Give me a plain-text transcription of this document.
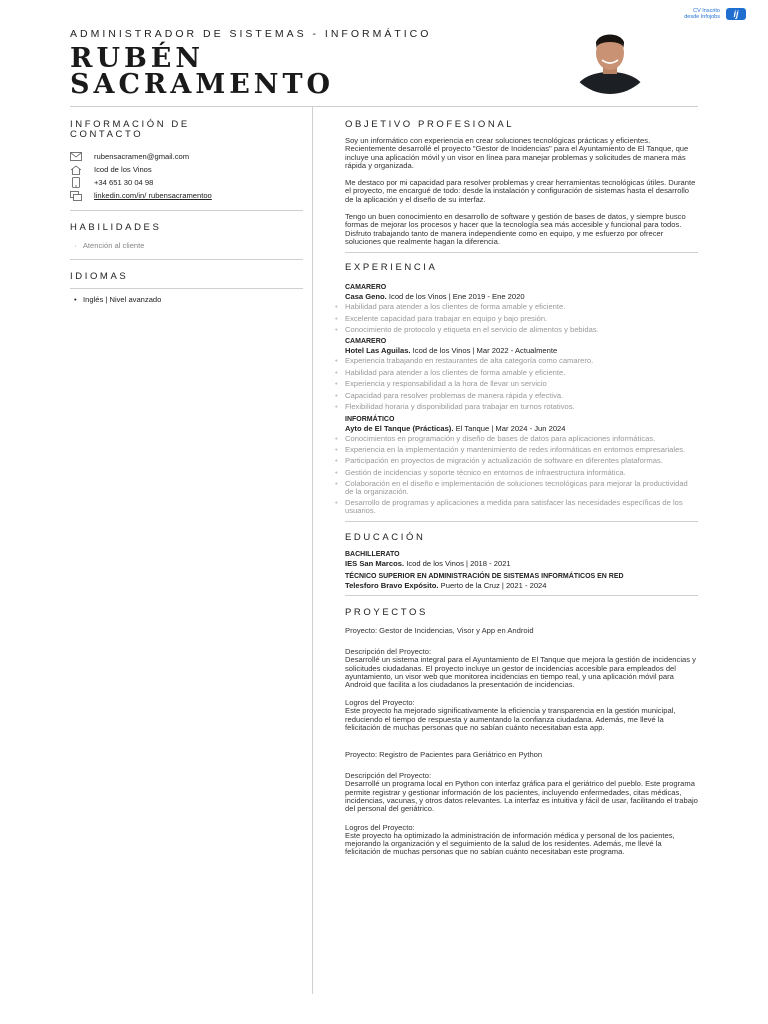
CV Inscrito
desde Infojobs	ij
ADMINISTRADOR DE SISTEMAS - INFORMÁTICO
RUBÉN
SACRAMENTO
INFORMACIÓN DE CONTACTO
rubensacramen@gmail.com
Icod de los Vinos
+34 651 30 04 98
linkedin.com/in/ rubensacramentoo
HABILIDADES
·   Atención al cliente
IDIOMAS
•   Inglés | Nivel avanzado
OBJETIVO PROFESIONAL

Soy un informático con experiencia en crear soluciones tecnológicas prácticas y eficientes. Recientemente desarrollé el proyecto "Gestor de Incidencias" para el Ayuntamiento de El Tanque, que incluye una aplicación móvil y un visor en línea para manejar problemas y solicitudes de manera más rápida y organizada.

Me destaco por mi capacidad para resolver problemas y crear herramientas tecnológicas útiles. Durante el proyecto, me encargué de todo: desde la instalación y configuración de sistemas hasta el desarrollo de la aplicación y el diseño de su interfaz.

Tengo un buen conocimiento en desarrollo de software y gestión de bases de datos, y siempre busco formas de mejorar los procesos y hacer que la tecnología sea más accesible y funcional para todos. Disfruto trabajando tanto de manera independiente como en equipo, y me esfuerzo por ofrecer soluciones que realmente hagan la diferencia.

EXPERIENCIA
CAMARERO
Casa Geno. Icod de los Vinos | Ene 2019 - Ene 2020
• Habilidad para atender a los clientes de forma amable y eficiente.
• Excelente capacidad para trabajar en equipo y bajo presión.
• Conocimiento de protocolo y etiqueta en el servicio de alimentos y bebidas.
CAMARERO
Hotel Las Aguilas. Icod de los Vinos | Mar 2022 - Actualmente
• Experiencia trabajando en restaurantes de alta categoría como camarero.
• Habilidad para atender a los clientes de forma amable y eficiente.
• Experiencia y responsabilidad a la hora de llevar un servicio
• Capacidad para resolver problemas de manera rápida y efectiva.
• Flexibilidad horaria y disponibilidad para trabajar en turnos rotativos.
INFORMÁTICO
Ayto de El Tanque (Prácticas). El Tanque | Mar 2024 - Jun 2024
• Conocimientos en programación y diseño de bases de datos para aplicaciones informáticas.
• Experiencia en la implementación y mantenimiento de redes informáticas en entornos empresariales.
• Participación en proyectos de migración y actualización de software en diferentes plataformas.
• Gestión de incidencias y soporte técnico en entornos de infraestructura informática.
• Colaboración en el diseño e implementación de soluciones tecnológicas para mejorar la productividad de la organización.
• Desarrollo de programas y aplicaciones a medida para satisfacer las necesidades específicas de los usuarios.
EDUCACIÓN
BACHILLERATO
IES San Marcos. Icod de los Vinos | 2018 - 2021
TÉCNICO SUPERIOR EN ADMINISTRACIÓN DE SISTEMAS INFORMÁTICOS EN RED
Telesforo Bravo Expósito. Puerto de la Cruz | 2021 - 2024
PROYECTOS
Proyecto: Gestor de Incidencias, Visor y App en Android
Descripción del Proyecto:

Desarrollé un sistema integral para el Ayuntamiento de El Tanque que mejora la gestión de incidencias y solicitudes ciudadanas. El proyecto incluye un gestor de incidencias accesible para empleados del ayuntamiento, un visor web que monitorea incidencias en tiempo real, y una aplicación móvil para Android que facilita a los ciudadanos la presentación de incidencias.

Logros del Proyecto:

Este proyecto ha mejorado significativamente la eficiencia y transparencia en la gestión municipal, reduciendo el tiempo de respuesta y aumentando la confianza ciudadana. Además, me llevé la felicitación de muchas personas que no sabían cuánto necesitaban esta app.

Proyecto: Registro de Pacientes para Geriátrico en Python
Descripción del Proyecto:

Desarrollé un programa local en Python con interfaz gráfica para el geriátrico del pueblo. Este programa permite registrar y gestionar información de los pacientes, incluyendo enfermedades, citas médicas, incidencias, vacunas, y otros datos relevantes. La interfaz es intuitiva y fácil de usar, facilitando el trabajo del personal del geriátrico.

Logros del Proyecto:

Este proyecto ha optimizado la administración de información médica y personal de los pacientes, mejorando la organización y el seguimiento de la salud de los residentes. Además, me llevé la felicitación de muchas personas que no sabían cuánto necesitaban este programa.
